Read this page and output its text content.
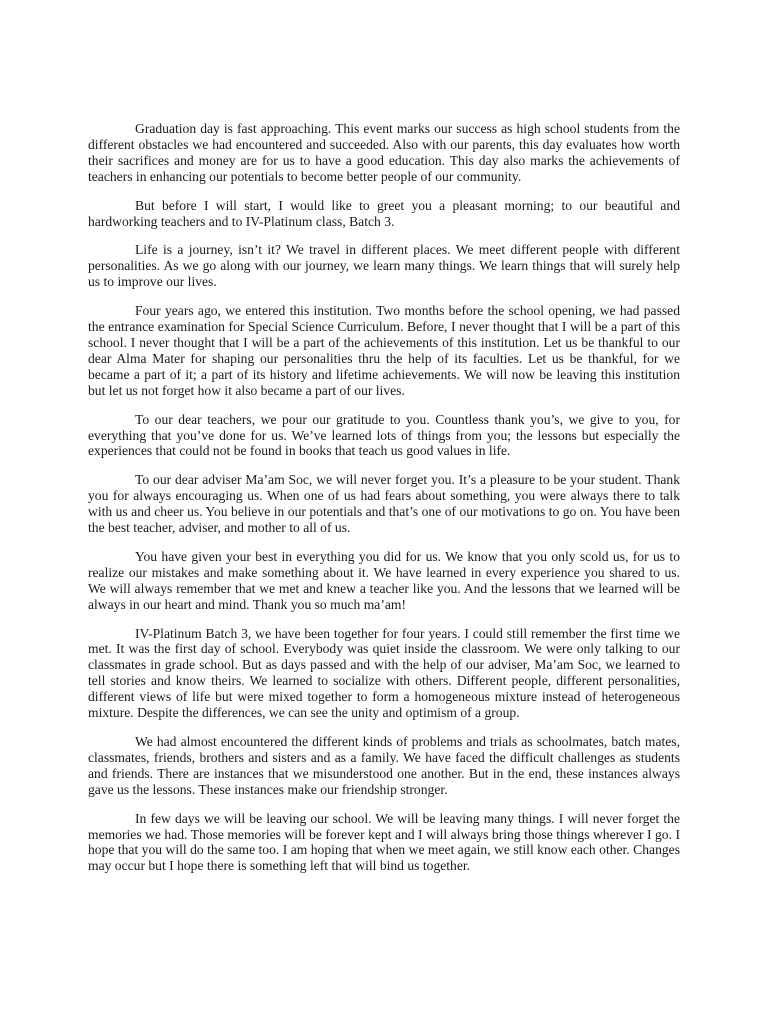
Graduation day is fast approaching. This event marks our success as high school students from the different obstacles we had encountered and succeeded. Also with our parents, this day evaluates how worth their sacrifices and money are for us to have a good education. This day also marks the achievements of teachers in enhancing our potentials to become better people of our community.

But before I will start, I would like to greet you a pleasant morning; to our beautiful and hardworking teachers and to IV-Platinum class, Batch 3.

Life is a journey, isn’t it? We travel in different places. We meet different people with different personalities. As we go along with our journey, we learn many things. We learn things that will surely help us to improve our lives.

Four years ago, we entered this institution. Two months before the school opening, we had passed the entrance examination for Special Science Curriculum. Before, I never thought that I will be a part of this school. I never thought that I will be a part of the achievements of this institution. Let us be thankful to our dear Alma Mater for shaping our personalities thru the help of its faculties. Let us be thankful, for we became a part of it; a part of its history and lifetime achievements. We will now be leaving this institution but let us not forget how it also became a part of our lives.

To our dear teachers, we pour our gratitude to you. Countless thank you’s, we give to you, for everything that you’ve done for us. We’ve learned lots of things from you; the lessons but especially the experiences that could not be found in books that teach us good values in life.

To our dear adviser Ma’am Soc, we will never forget you. It’s a pleasure to be your student. Thank you for always encouraging us. When one of us had fears about something, you were always there to talk with us and cheer us. You believe in our potentials and that’s one of our motivations to go on. You have been the best teacher, adviser, and mother to all of us.

You have given your best in everything you did for us. We know that you only scold us, for us to realize our mistakes and make something about it. We have learned in every experience you shared to us. We will always remember that we met and knew a teacher like you. And the lessons that we learned will be always in our heart and mind. Thank you so much ma’am!

IV-Platinum Batch 3, we have been together for four years. I could still remember the first time we met. It was the first day of school. Everybody was quiet inside the classroom. We were only talking to our classmates in grade school. But as days passed and with the help of our adviser, Ma’am Soc, we learned to tell stories and know theirs. We learned to socialize with others. Different people, different personalities, different views of life but were mixed together to form a homogeneous mixture instead of heterogeneous mixture. Despite the differences, we can see the unity and optimism of a group.

We had almost encountered the different kinds of problems and trials as schoolmates, batch mates, classmates, friends, brothers and sisters and as a family. We have faced the difficult challenges as students and friends. There are instances that we misunderstood one another. But in the end, these instances always gave us the lessons. These instances make our friendship stronger.

In few days we will be leaving our school. We will be leaving many things. I will never forget the memories we had. Those memories will be forever kept and I will always bring those things wherever I go. I hope that you will do the same too. I am hoping that when we meet again, we still know each other. Changes may occur but I hope there is something left that will bind us together.
